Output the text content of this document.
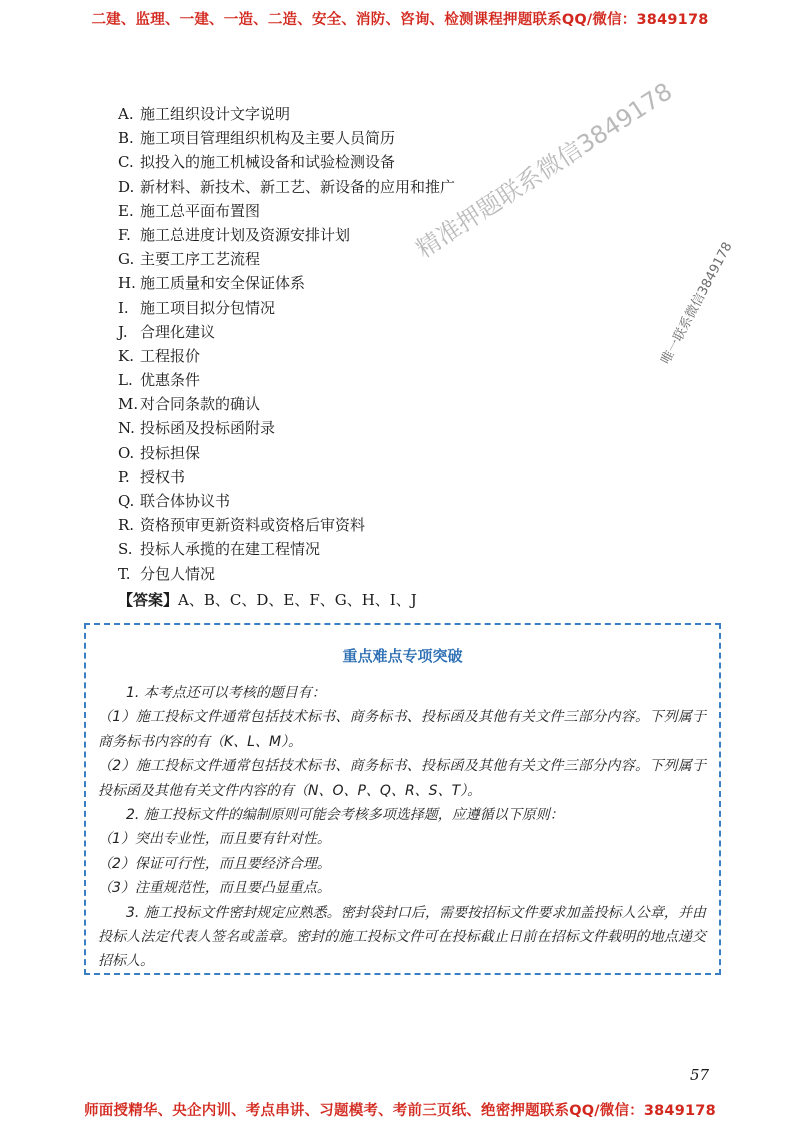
二建、监理、一建、一造、二造、安全、消防、咨询、检测课程押题联系QQ/微信：3849178
A. 施工组织设计文字说明
B. 施工项目管理组织机构及主要人员简历
C. 拟投入的施工机械设备和试验检测设备
D. 新材料、新技术、新工艺、新设备的应用和推广
E. 施工总平面布置图
F. 施工总进度计划及资源安排计划
G. 主要工序工艺流程
H. 施工质量和安全保证体系
I. 施工项目拟分包情况
J. 合理化建议
K. 工程报价
L. 优惠条件
M. 对合同条款的确认
N. 投标函及投标函附录
O. 投标担保
P. 授权书
Q. 联合体协议书
R. 资格预审更新资料或资格后审资料
S. 投标人承揽的在建工程情况
T. 分包人情况
【答案】A、B、C、D、E、F、G、H、I、J
重点难点专项突破

1. 本考点还可以考核的题目有：

（1）施工投标文件通常包括技术标书、商务标书、投标函及其他有关文件三部分内容。下列属于商务标书内容的有（K、L、M）。

（2）施工投标文件通常包括技术标书、商务标书、投标函及其他有关文件三部分内容。下列属于投标函及其他有关文件内容的有（N、O、P、Q、R、S、T）。

2. 施工投标文件的编制原则可能会考核多项选择题，应遵循以下原则：

（1）突出专业性，而且要有针对性。

（2）保证可行性，而且要经济合理。

（3）注重规范性，而且要凸显重点。

3. 施工投标文件密封规定应熟悉。密封袋封口后，需要按招标文件要求加盖投标人公章，并由投标人法定代表人签名或盖章。密封的施工投标文件可在投标截止日前在招标文件载明的地点递交招标人。

精准押题联系微信3849178
唯一联系微信3849178
57
师面授精华、央企内训、考点串讲、习题模考、考前三页纸、绝密押题联系QQ/微信：3849178
